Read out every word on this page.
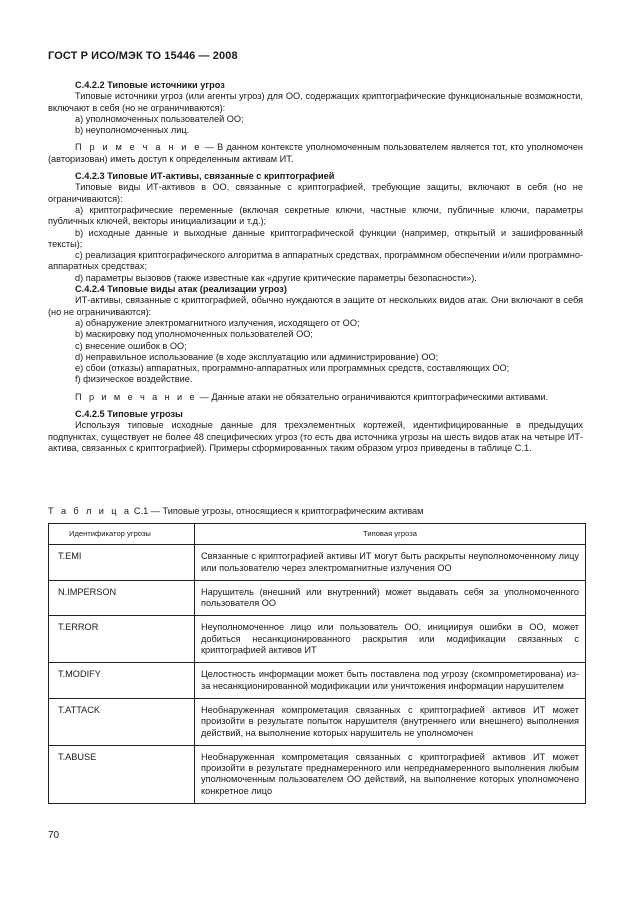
ГОСТ Р ИСО/МЭК ТО 15446 — 2008

C.4.2.2 Типовые источники угроз

Типовые источники угроз (или агенты угроз) для ОО, содержащих криптографические функциональные возможности, включают в себя (но не ограничиваются):

а) уполномоченных пользователей ОО;

b) неуполномоченных лиц.

П р и м е ч а н и е — В данном контексте уполномоченным пользователем является тот, кто уполномочен (авторизован) иметь доступ к определенным активам ИТ.

C.4.2.3 Типовые ИТ-активы, связанные с криптографией

Типовые виды ИТ-активов в ОО, связанные с криптографией, требующие защиты, включают в себя (но не ограничиваются):

а) криптографические переменные (включая секретные ключи, частные ключи, публичные ключи, параметры публичных ключей, векторы инициализации и т.д.);

b) исходные данные и выходные данные криптографической функции (например, открытый и зашифрованный тексты);

c) реализация криптографического алгоритма в аппаратных средствах, программном обеспечении и/или программно-аппаратных средствах;

d) параметры вызовов (также известные как «другие критические параметры безопасности»).

C.4.2.4 Типовые виды атак (реализации угроз)

ИТ-активы, связанные с криптографией, обычно нуждаются в защите от нескольких видов атак. Они включают в себя (но не ограничиваются):

а) обнаружение электромагнитного излучения, исходящего от ОО;

b) маскировку под уполномоченных пользователей ОО;

c) внесение ошибок в ОО;

d) неправильное использование (в ходе эксплуатацию или администрирование) ОО;

е) сбои (отказы) аппаратных, программно-аппаратных или программных средств, составляющих ОО;

f) физическое воздействие.

П р и м е ч а н и е — Данные атаки не обязательно ограничиваются криптографическими активами.

C.4.2.5 Типовые угрозы

Используя типовые исходные данные для трехэлементных кортежей, идентифицированные в предыдущих подпунктах, существует не более 48 специфических угроз (то есть два источника угрозы на шесть видов атак на четыре ИТ-актива, связанных с криптографией). Примеры сформированных таким образом угроз приведены в таблице C.1.

Т а б л и ц а C.1 — Типовые угрозы, относящиеся к криптографическим активам
Идентификатор угрозы	Типовая угроза
T.EMI	Связанные с криптографией активы ИТ могут быть раскрыты неуполномоченному лицу или пользователю через электромагнитные излучения ОО
N.IMPERSON	Нарушитель (внешний или внутренний) может выдавать себя за уполномоченного пользователя ОО
T.ERROR	Неуполномоченное лицо или пользователь ОО, инициируя ошибки в ОО, может добиться несанкционированного раскрытия или модификации связанных с криптографией активов ИТ
T.MODIFY	Целостность информации может быть поставлена под угрозу (скомпрометирована) из-за несанкционированной модификации или уничтожения информации нарушителем
T.ATTACK	Необнаруженная компрометация связанных с криптографией активов ИТ может произойти в результате попыток нарушителя (внутреннего или внешнего) выполнения действий, на выполнение которых нарушитель не уполномочен
T.ABUSE	Необнаруженная компрометация связанных с криптографией активов ИТ может произойти в результате преднамеренного или непреднамеренного выполнения любым уполномоченным пользователем ОО действий, на выполнение которых уполномочено конкретное лицо
70
